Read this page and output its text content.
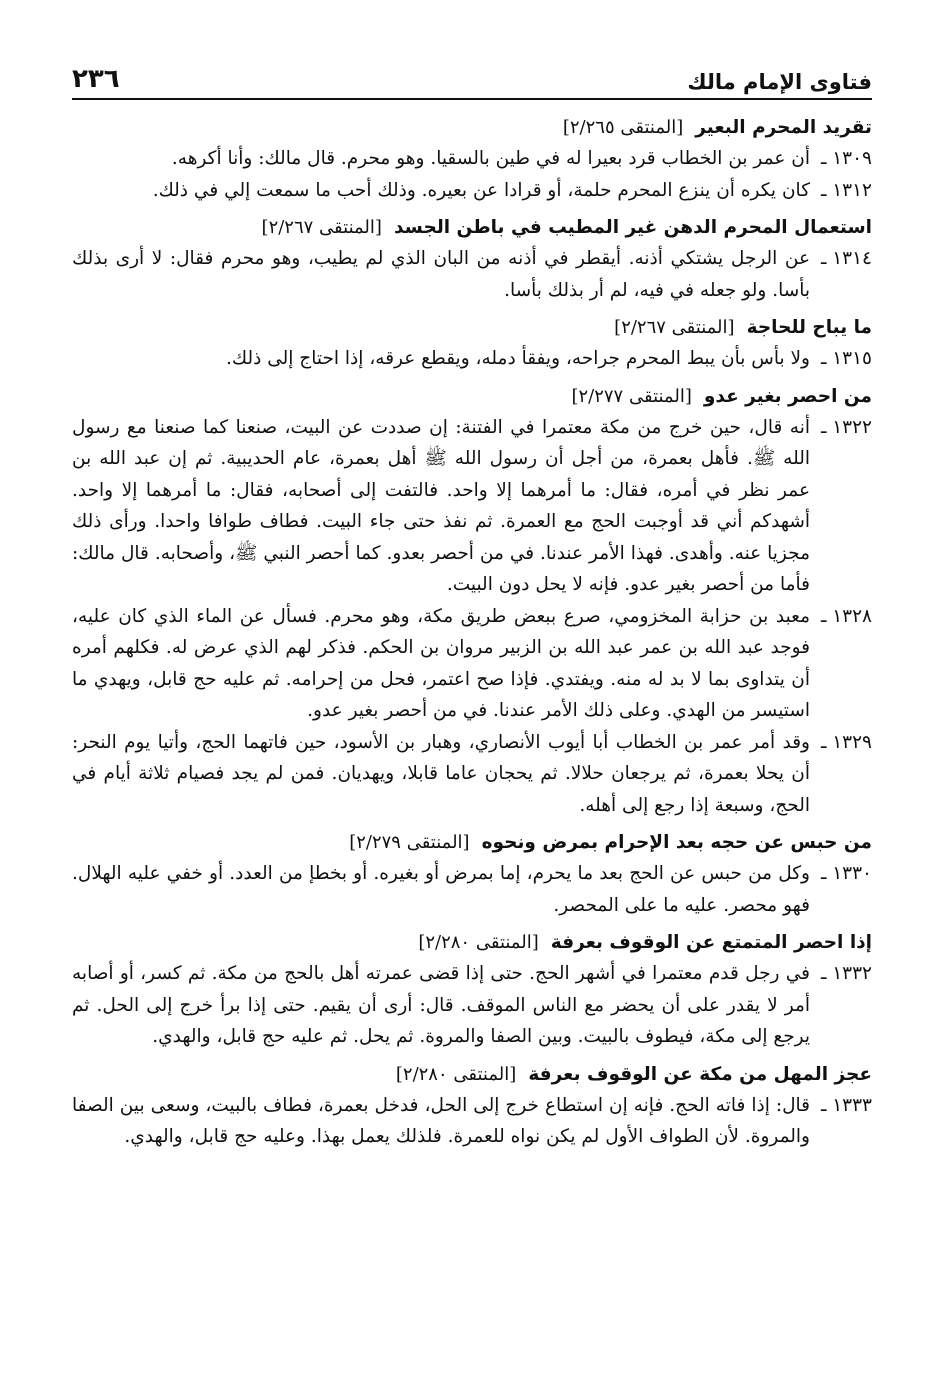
فتاوى الإمام مالك
٢٣٦
تقريد المحرم البعير [المنتقى ٢/٢٦٥]
١٣٠٩ ـ
أن عمر بن الخطاب قرد بعيرا له في طين بالسقيا. وهو محرم. قال مالك: وأنا أكرهه.
١٣١٢ ـ
كان يكره أن ينزع المحرم حلمة، أو قرادا عن بعيره. وذلك أحب ما سمعت إلي في ذلك.
استعمال المحرم الدهن غير المطيب في باطن الجسد [المنتقى ٢/٢٦٧]
١٣١٤ ـ
عن الرجل يشتكي أذنه. أيقطر في أذنه من البان الذي لم يطيب، وهو محرم فقال: لا أرى بذلك بأسا. ولو جعله في فيه، لم أر بذلك بأسا.
ما يباح للحاجة [المنتقى ٢/٢٦٧]
١٣١٥ ـ
ولا بأس بأن يبط المحرم جراحه، ويفقأ دمله، ويقطع عرقه، إذا احتاج إلى ذلك.
من احصر بغير عدو [المنتقى ٢/٢٧٧]
١٣٢٢ ـ
أنه قال، حين خرج من مكة معتمرا في الفتنة: إن صددت عن البيت، صنعنا كما صنعنا مع رسول الله ﷺ. فأهل بعمرة، من أجل أن رسول الله ﷺ أهل بعمرة، عام الحديبية. ثم إن عبد الله بن عمر نظر في أمره، فقال: ما أمرهما إلا واحد. فالتفت إلى أصحابه، فقال: ما أمرهما إلا واحد. أشهدكم أني قد أوجبت الحج مع العمرة. ثم نفذ حتى جاء البيت. فطاف طوافا واحدا. ورأى ذلك مجزيا عنه. وأهدى. فهذا الأمر عندنا. في من أحصر بعدو. كما أحصر النبي ﷺ، وأصحابه. قال مالك: فأما من أحصر بغير عدو. فإنه لا يحل دون البيت.
١٣٢٨ ـ
معبد بن حزابة المخزومي، صرع ببعض طريق مكة، وهو محرم. فسأل عن الماء الذي كان عليه، فوجد عبد الله بن عمر عبد الله بن الزبير مروان بن الحكم. فذكر لهم الذي عرض له. فكلهم أمره أن يتداوى بما لا بد له منه. ويفتدي. فإذا صح اعتمر، فحل من إحرامه. ثم عليه حج قابل، ويهدي ما استيسر من الهدي. وعلى ذلك الأمر عندنا. في من أحصر بغير عدو.
١٣٢٩ ـ
وقد أمر عمر بن الخطاب أبا أيوب الأنصاري، وهبار بن الأسود، حين فاتهما الحج، وأتيا يوم النحر: أن يحلا بعمرة، ثم يرجعان حلالا. ثم يحجان عاما قابلا، ويهديان. فمن لم يجد فصيام ثلاثة أيام في الحج، وسبعة إذا رجع إلى أهله.
من حبس عن حجه بعد الإحرام بمرض ونحوه [المنتقى ٢/٢٧٩]
١٣٣٠ ـ
وكل من حبس عن الحج بعد ما يحرم، إما بمرض أو بغيره. أو بخطإ من العدد. أو خفي عليه الهلال. فهو محصر. عليه ما على المحصر.
إذا احصر المتمتع عن الوقوف بعرفة [المنتقى ٢/٢٨٠]
١٣٣٢ ـ
في رجل قدم معتمرا في أشهر الحج. حتى إذا قضى عمرته أهل بالحج من مكة. ثم كسر، أو أصابه أمر لا يقدر على أن يحضر مع الناس الموقف. قال: أرى أن يقيم. حتى إذا برأ خرج إلى الحل. ثم يرجع إلى مكة، فيطوف بالبيت. وبين الصفا والمروة. ثم يحل. ثم عليه حج قابل، والهدي.
عجز المهل من مكة عن الوقوف بعرفة [المنتقى ٢/٢٨٠]
١٣٣٣ ـ
قال: إذا فاته الحج. فإنه إن استطاع خرج إلى الحل، فدخل بعمرة، فطاف بالبيت، وسعى بين الصفا والمروة. لأن الطواف الأول لم يكن نواه للعمرة. فلذلك يعمل بهذا. وعليه حج قابل، والهدي.
